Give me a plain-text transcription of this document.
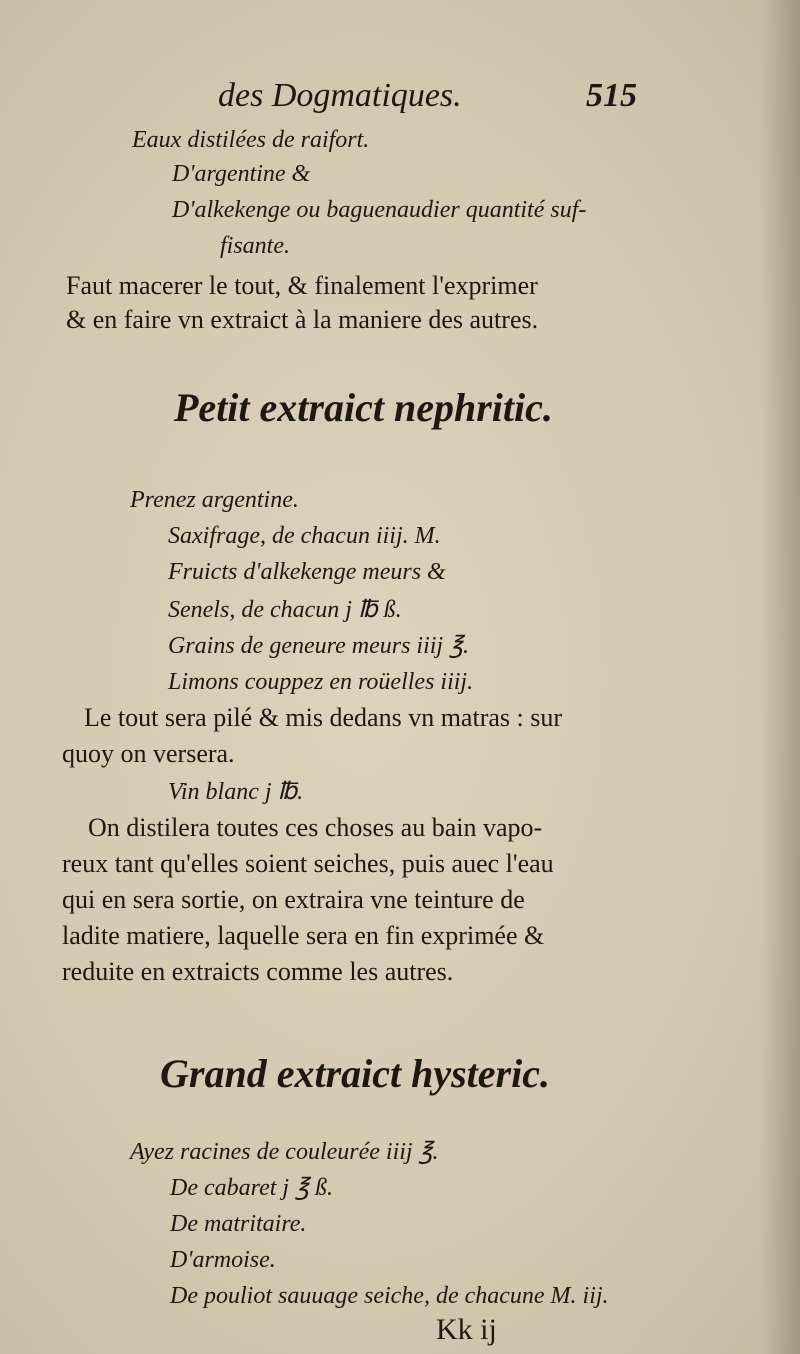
des Dogmatiques.	515
Eaux distilées de raifort.
D'argentine &
D'alkekenge ou baguenaudier quantité suf-
fisante.
Faut macerer le tout, & finalement l'exprimer
& en faire vn extraict à la maniere des autres.
Petit extraict nephritic.
Prenez argentine.
Saxifrage, de chacun iiij. M.
Fruicts d'alkekenge meurs &
Senels, de chacun j ℔ ß.
Grains de geneure meurs iiij ℥.
Limons couppez en roüelles iiij.
Le tout sera pilé & mis dedans vn matras : sur
quoy on versera.
Vin blanc j ℔.
On distilera toutes ces choses au bain vapo-
reux tant qu'elles soient seiches, puis auec l'eau
qui en sera sortie, on extraira vne teinture de
ladite matiere, laquelle sera en fin exprimée &
reduite en extraicts comme les autres.
Grand extraict hysteric.
Ayez racines de couleurée iiij ℥.
De cabaret j ℥ ß.
De matritaire.
D'armoise.
De pouliot sauuage seiche, de chacune M. iij.
Kk ij
